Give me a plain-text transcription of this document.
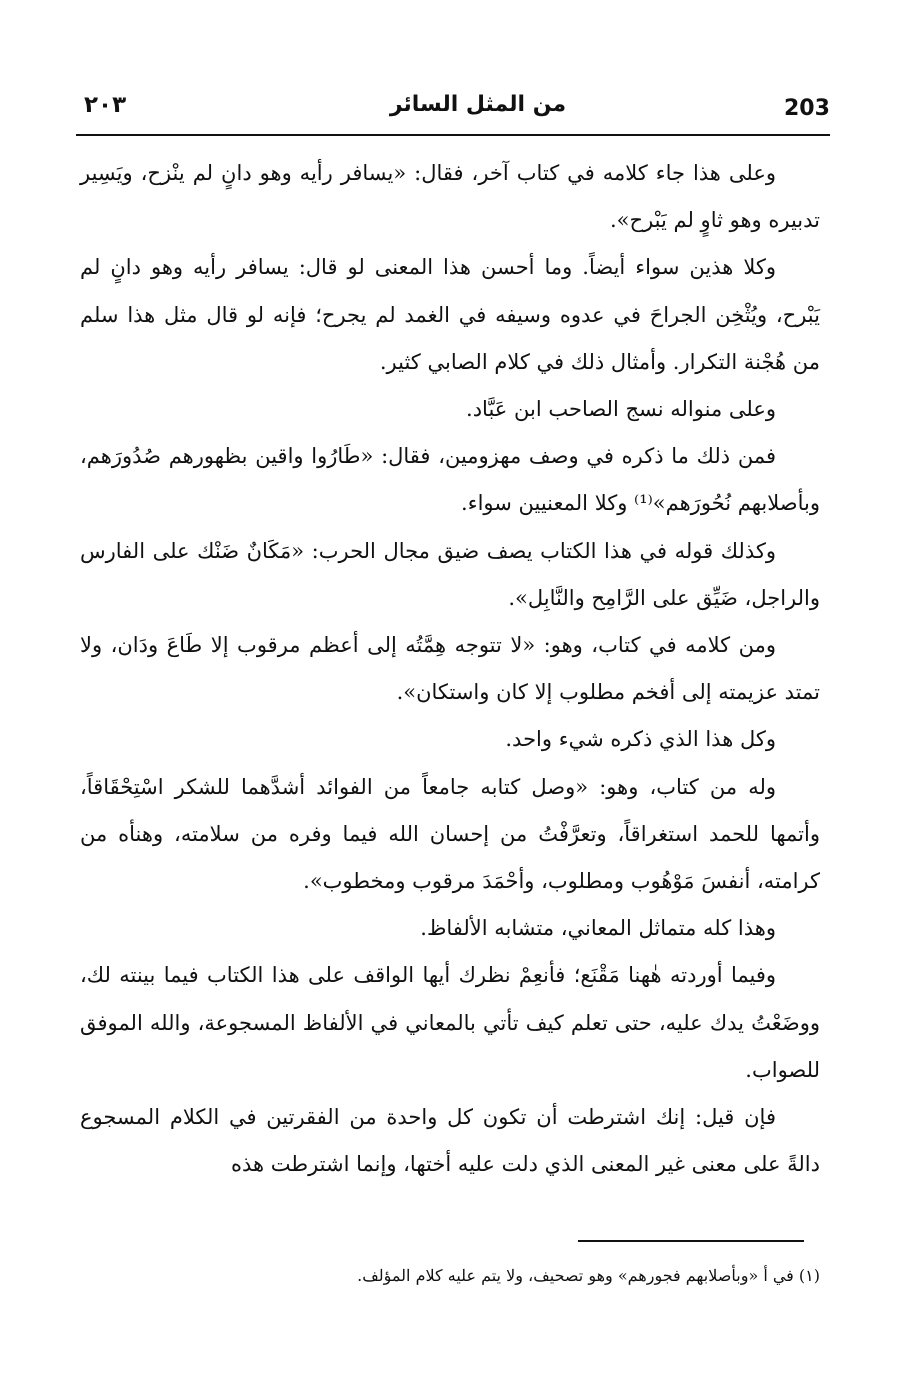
203
من المثل السائر
٢٠٣

وعلى هذا جاء كلامه في كتاب آخر، فقال: «يسافر رأيه وهو دانٍ لم ينْزح، ويَسِير تدبيره وهو ثاوٍ لم يَبْرح».

وكلا هذين سواء أيضاً. وما أحسن هذا المعنى لو قال: يسافر رأيه وهو دانٍ لم يَبْرح، ويُثْخِن الجراحَ في عدوه وسيفه في الغمد لم يجرح؛ فإنه لو قال مثل هذا سلم من هُجْنة التكرار. وأمثال ذلك في كلام الصابي كثير.

وعلى منواله نسج الصاحب ابن عَبَّاد.

فمن ذلك ما ذكره في وصف مهزومين، فقال: «طَارُوا واقين بظهورهم صُدُورَهم، وبأصلابهم نُحُورَهم»⁽¹⁾ وكلا المعنيين سواء.

وكذلك قوله في هذا الكتاب يصف ضيق مجال الحرب: «مَكَانٌ ضَنْك على الفارس والراجل، ضَيِّق على الرَّامِح والنَّابِل».

ومن كلامه في كتاب، وهو: «لا تتوجه هِمَّتُه إلى أعظم مرقوب إلا طَاعَ ودَان، ولا تمتد عزيمته إلى أفخم مطلوب إلا كان واستكان».

وكل هذا الذي ذكره شيء واحد.

وله من كتاب، وهو: «وصل كتابه جامعاً من الفوائد أشدَّهما للشكر اسْتِحْقَاقاً، وأتمها للحمد استغراقاً، وتعرَّفْتُ من إحسان الله فيما وفره من سلامته، وهنأه من كرامته، أنفسَ مَوْهُوب ومطلوب، وأحْمَدَ مرقوب ومخطوب».

وهذا كله متماثل المعاني، متشابه الألفاظ.

وفيما أوردته هٰهنا مَقْنَع؛ فأنعِمْ نظرك أيها الواقف على هذا الكتاب فيما بينته لك، ووضَعْتُ يدك عليه، حتى تعلم كيف تأتي بالمعاني في الألفاظ المسجوعة، والله الموفق للصواب.

فإن قيل: إنك اشترطت أن تكون كل واحدة من الفقرتين في الكلام المسجوع دالةً على معنى غير المعنى الذي دلت عليه أختها، وإنما اشترطت هذه

(١) في أ «وبأصلابهم فجورهم» وهو تصحيف، ولا يتم عليه كلام المؤلف.
